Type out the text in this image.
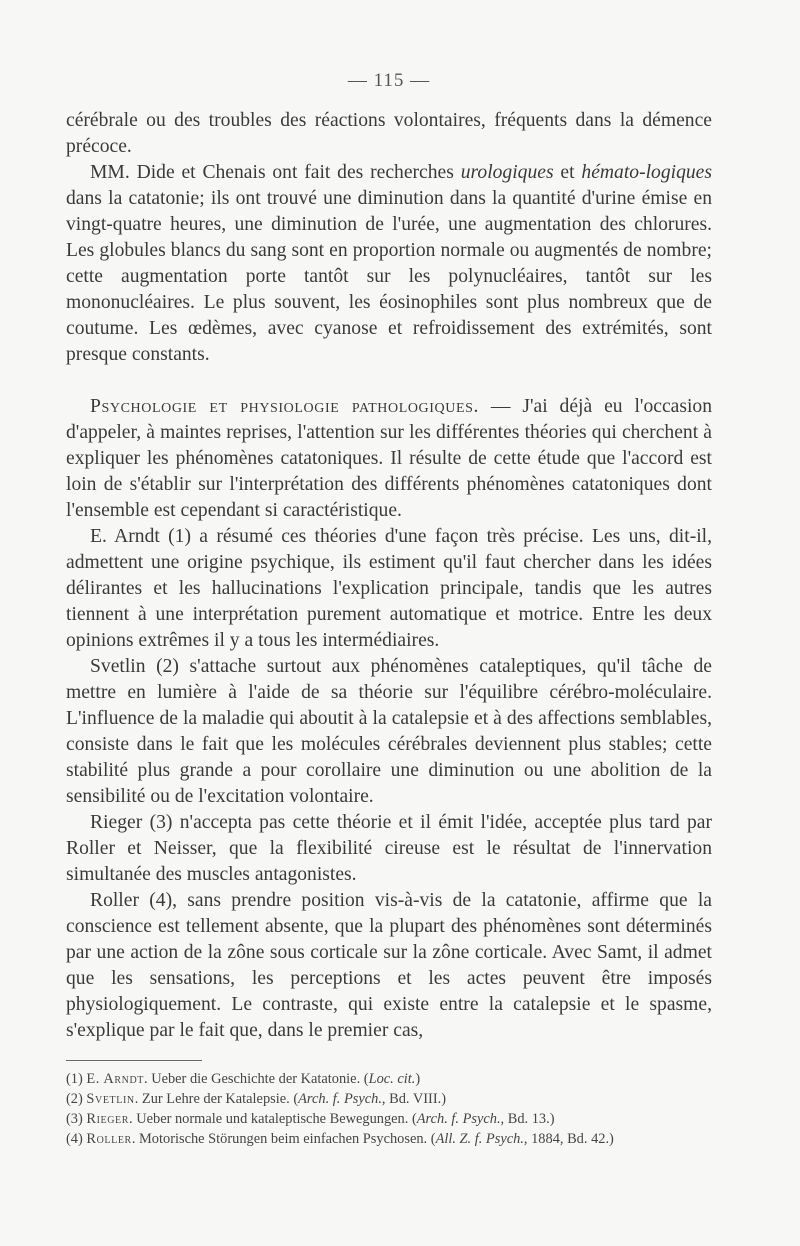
— 115 —

cérébrale ou des troubles des réactions volontaires, fréquents dans la démence précoce.

MM. Dide et Chenais ont fait des recherches urologiques et hémato-logiques dans la catatonie; ils ont trouvé une diminution dans la quantité d'urine émise en vingt-quatre heures, une diminution de l'urée, une augmentation des chlorures. Les globules blancs du sang sont en proportion normale ou augmentés de nombre; cette augmentation porte tantôt sur les polynucléaires, tantôt sur les mononucléaires. Le plus souvent, les éosinophiles sont plus nombreux que de coutume. Les œdèmes, avec cyanose et refroidissement des extrémités, sont presque constants.

Psychologie et physiologie pathologiques. — J'ai déjà eu l'occasion d'appeler, à maintes reprises, l'attention sur les différentes théories qui cherchent à expliquer les phénomènes catatoniques. Il résulte de cette étude que l'accord est loin de s'établir sur l'interprétation des différents phénomènes catatoniques dont l'ensemble est cependant si caractéristique.

E. Arndt (1) a résumé ces théories d'une façon très précise. Les uns, dit-il, admettent une origine psychique, ils estiment qu'il faut chercher dans les idées délirantes et les hallucinations l'explication principale, tandis que les autres tiennent à une interprétation purement automatique et motrice. Entre les deux opinions extrêmes il y a tous les intermédiaires.

Svetlin (2) s'attache surtout aux phénomènes cataleptiques, qu'il tâche de mettre en lumière à l'aide de sa théorie sur l'équilibre cérébro-moléculaire. L'influence de la maladie qui aboutit à la catalepsie et à des affections semblables, consiste dans le fait que les molécules cérébrales deviennent plus stables; cette stabilité plus grande a pour corollaire une diminution ou une abolition de la sensibilité ou de l'excitation volontaire.

Rieger (3) n'accepta pas cette théorie et il émit l'idée, acceptée plus tard par Roller et Neisser, que la flexibilité cireuse est le résultat de l'innervation simultanée des muscles antagonistes.

Roller (4), sans prendre position vis-à-vis de la catatonie, affirme que la conscience est tellement absente, que la plupart des phénomènes sont déterminés par une action de la zône sous corticale sur la zône corticale. Avec Samt, il admet que les sensations, les perceptions et les actes peuvent être imposés physiologiquement. Le contraste, qui existe entre la catalepsie et le spasme, s'explique par le fait que, dans le premier cas,

(1) E. Arndt. Ueber die Geschichte der Katatonie. (Loc. cit.)

(2) Svetlin. Zur Lehre der Katalepsie. (Arch. f. Psych., Bd. VIII.)

(3) Rieger. Ueber normale und kataleptische Bewegungen. (Arch. f. Psych., Bd. 13.)

(4) Roller. Motorische Störungen beim einfachen Psychosen. (All. Z. f. Psych., 1884, Bd. 42.)
